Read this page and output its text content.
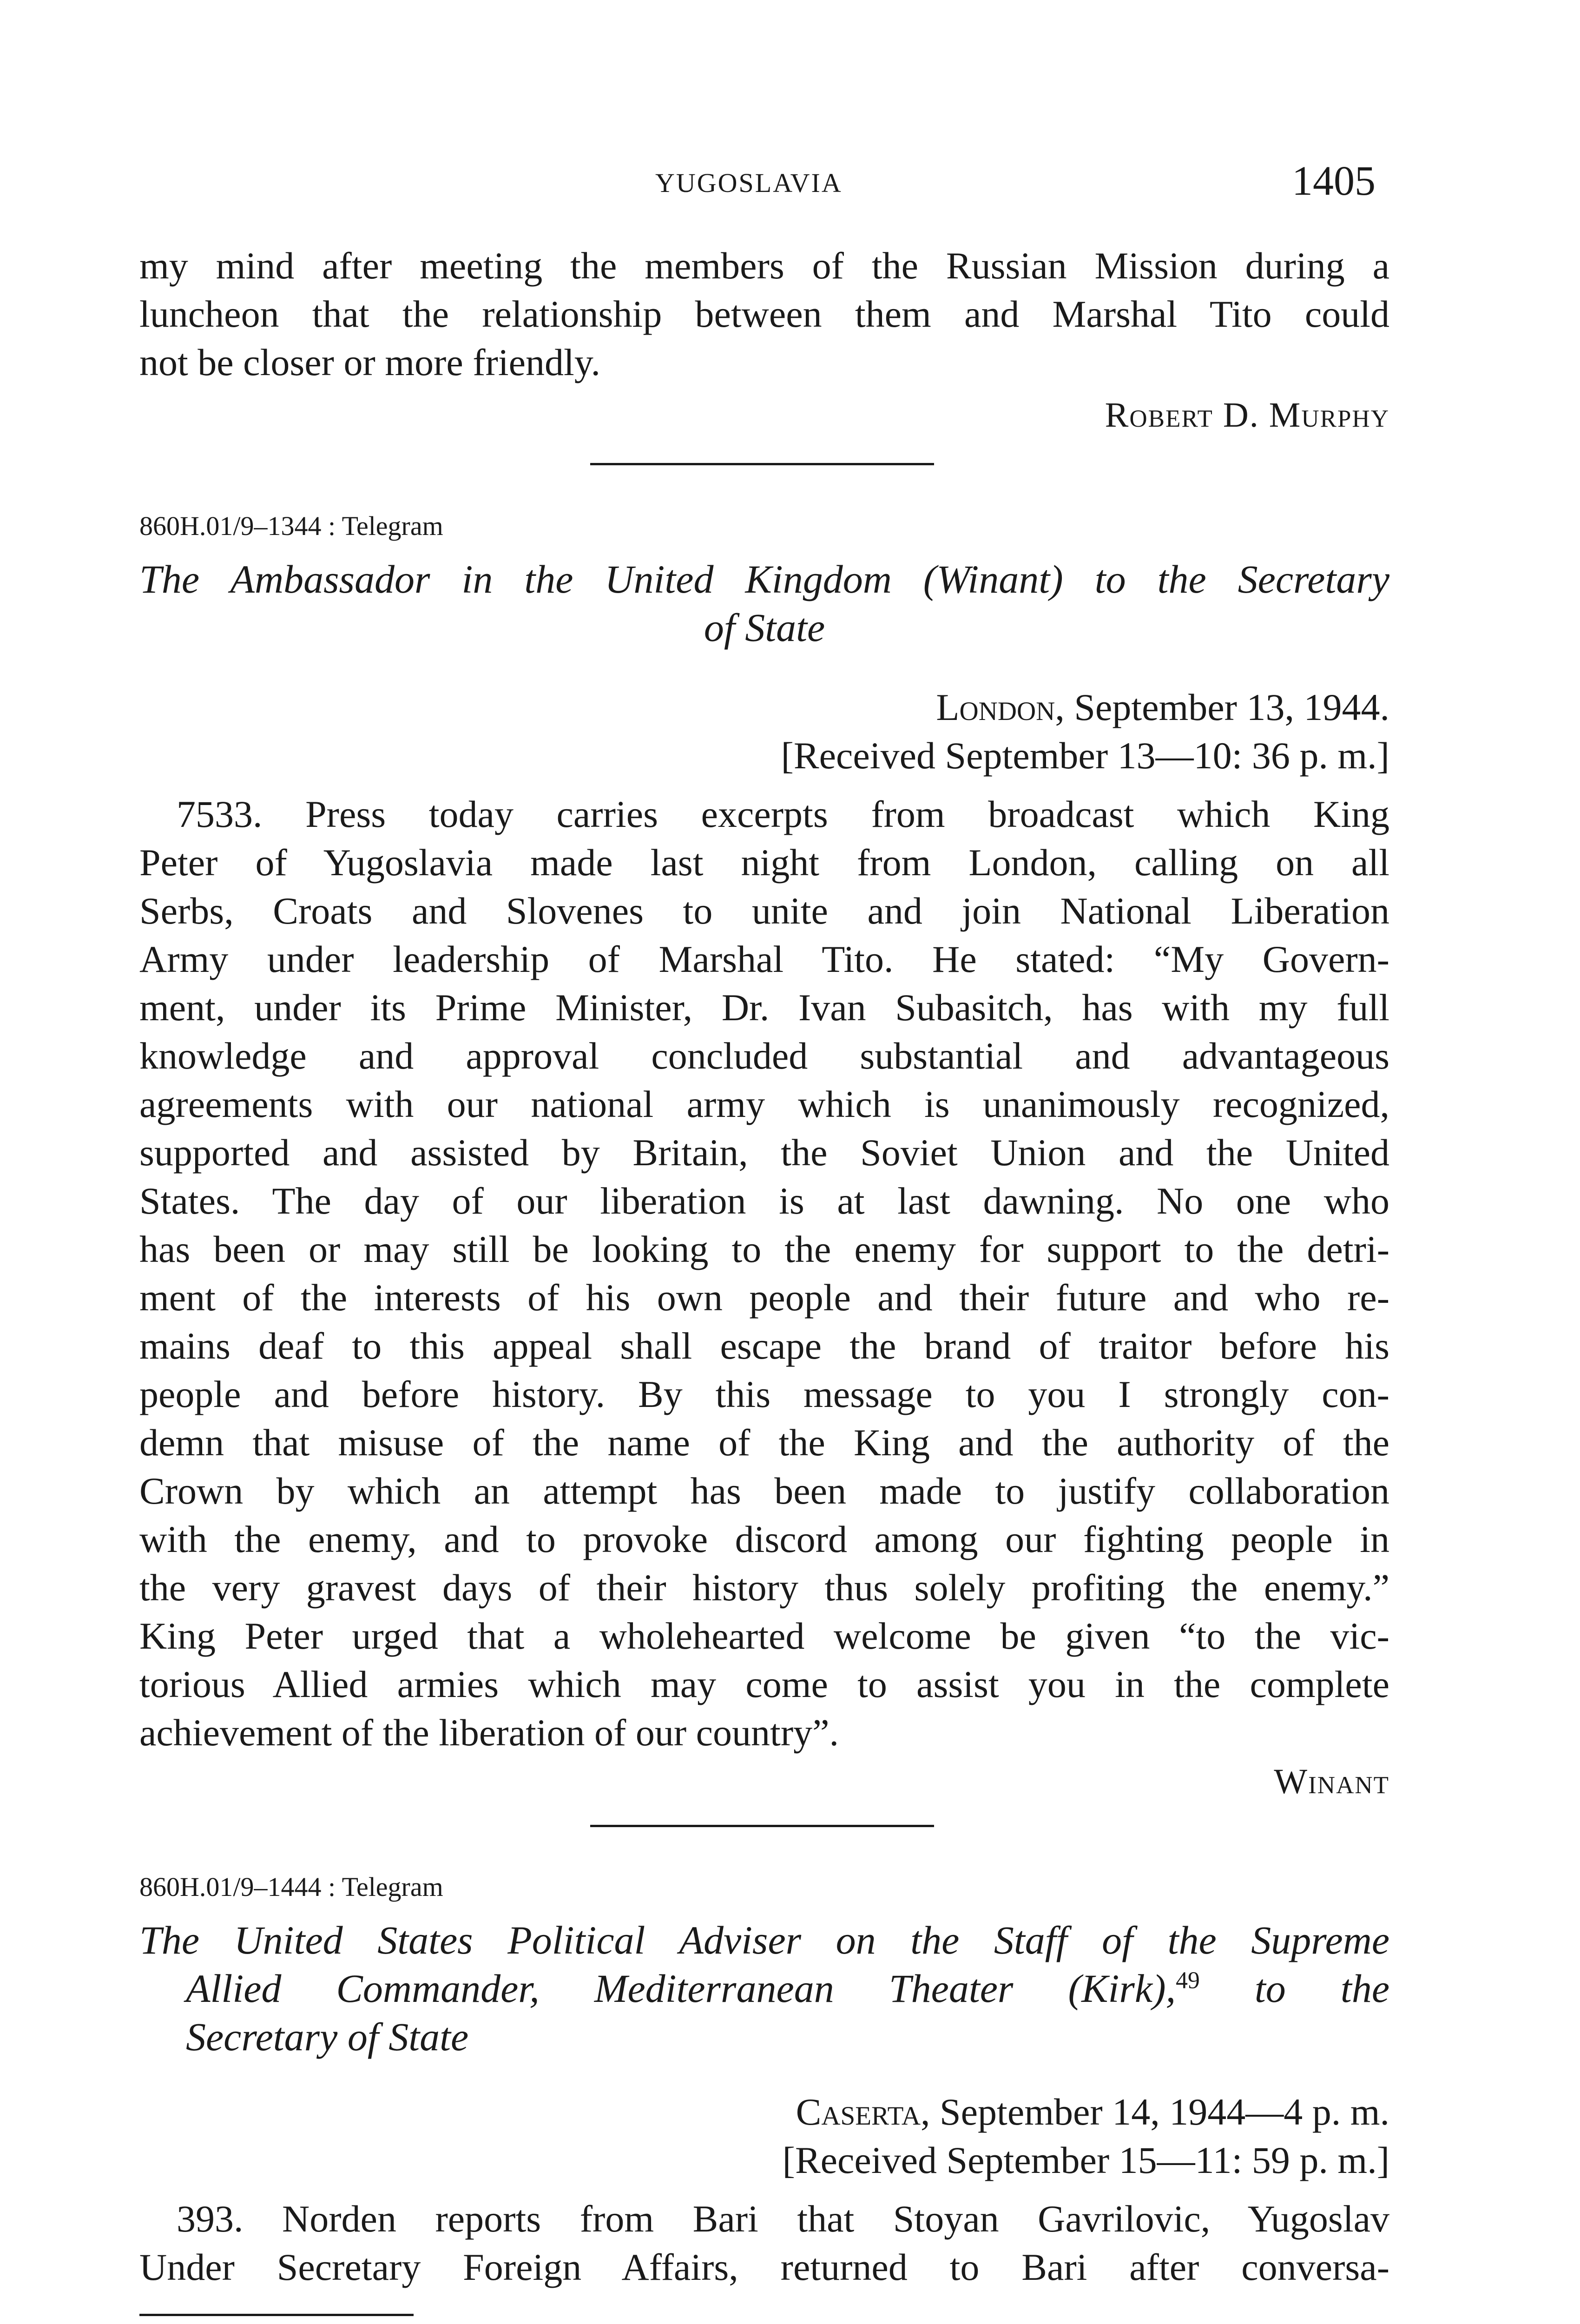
YUGOSLAVIA	1405
my mind after meeting the members of the Russian Mission during a
luncheon that the relationship between them and Marshal Tito could
not be closer or more friendly.
Robert D. Murphy
860H.01/9–1344 : Telegram
The Ambassador in the United Kingdom (Winant) to the Secretary
of State
London, September 13, 1944.
[Received September 13—10: 36 p. m.]
7533. Press today carries excerpts from broadcast which King
Peter of Yugoslavia made last night from London, calling on all
Serbs, Croats and Slovenes to unite and join National Liberation
Army under leadership of Marshal Tito. He stated: “My Govern-
ment, under its Prime Minister, Dr. Ivan Subasitch, has with my full
knowledge and approval concluded substantial and advantageous
agreements with our national army which is unanimously recognized,
supported and assisted by Britain, the Soviet Union and the United
States. The day of our liberation is at last dawning. No one who
has been or may still be looking to the enemy for support to the detri-
ment of the interests of his own people and their future and who re-
mains deaf to this appeal shall escape the brand of traitor before his
people and before history. By this message to you I strongly con-
demn that misuse of the name of the King and the authority of the
Crown by which an attempt has been made to justify collaboration
with the enemy, and to provoke discord among our fighting people in
the very gravest days of their history thus solely profiting the enemy.”
King Peter urged that a wholehearted welcome be given “to the vic-
torious Allied armies which may come to assist you in the complete
achievement of the liberation of our country”.
Winant
860H.01/9–1444 : Telegram
The United States Political Adviser on the Staff of the Supreme
Allied Commander, Mediterranean Theater (Kirk),$^{49}$ to the
Secretary of State
Caserta, September 14, 1944—4 p. m.
[Received September 15—11: 59 p. m.]
393. Norden reports from Bari that Stoyan Gavrilovic, Yugoslav
Under Secretary Foreign Affairs, returned to Bari after conversa-
